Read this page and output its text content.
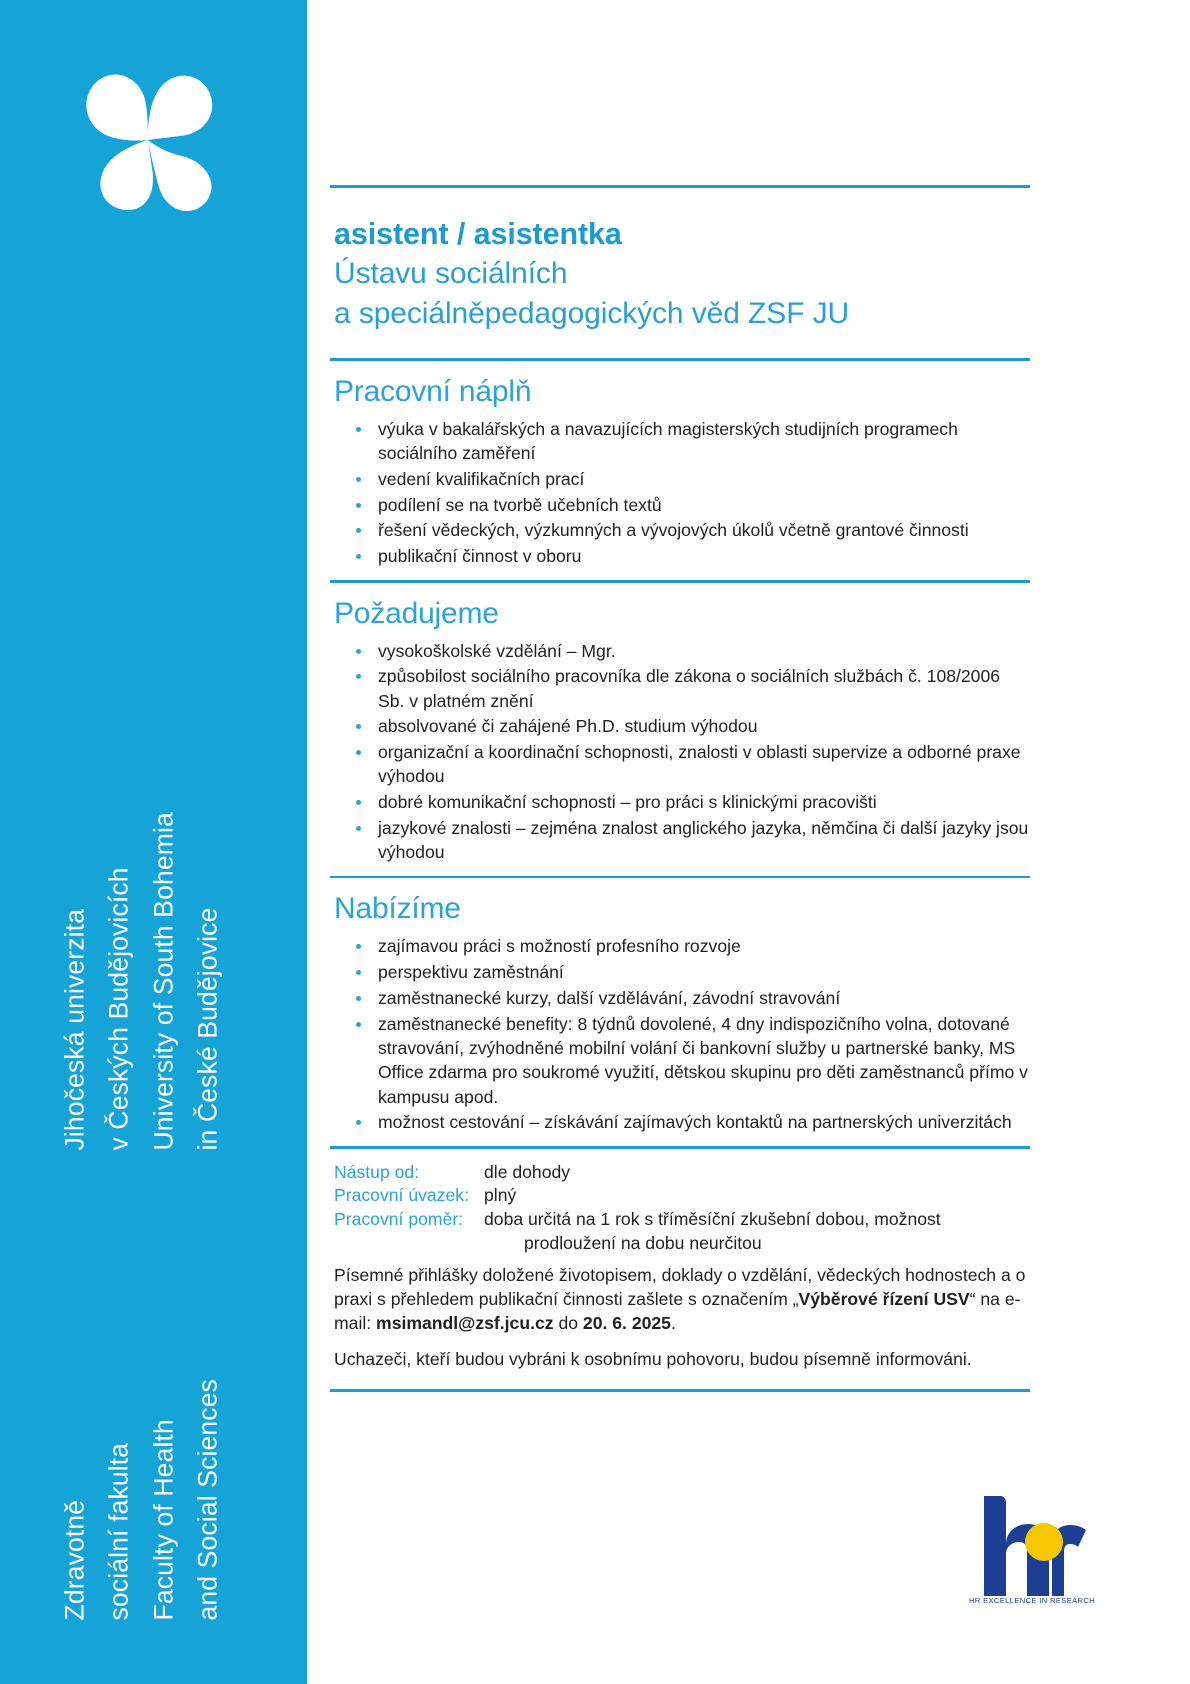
Jihočeská univerzita v Českých Budějovicích University of South Bohemia in České Budějovice
Zdravotně sociální fakulta Faculty of Health and Social Sciences
asistent / asistentka
Ústavu sociálních
a speciálněpedagogických věd ZSF JU
Pracovní náplň
výuka v bakalářských a navazujících magisterských studijních programech sociálního zaměření
vedení kvalifikačních prací
podílení se na tvorbě učebních textů
řešení vědeckých, výzkumných a vývojových úkolů včetně grantové činnosti
publikační činnost v oboru
Požadujeme
vysokoškolské vzdělání – Mgr.
způsobilost sociálního pracovníka dle zákona o sociálních službách č. 108/2006 Sb. v platném znění
absolvované či zahájené Ph.D. studium výhodou
organizační a koordinační schopnosti, znalosti v oblasti supervize a odborné praxe výhodou
dobré komunikační schopnosti – pro práci s klinickými pracovišti
jazykové znalosti – zejména znalost anglického jazyka, němčina či další jazyky jsou výhodou
Nabízíme
zajímavou práci s možností profesního rozvoje
perspektivu zaměstnání
zaměstnanecké kurzy, další vzdělávání, závodní stravování
zaměstnanecké benefity: 8 týdnů dovolené, 4 dny indispozičního volna, dotované stravování, zvýhodněné mobilní volání či bankovní služby u partnerské banky, MS Office zdarma pro soukromé využití, dětskou skupinu pro děti zaměstnanců přímo v kampusu apod.
možnost cestování – získávání zajímavých kontaktů na partnerských univerzitách
Nástup od:	dle dohody
Pracovní úvazek: plný
Pracovní poměr:	doba určitá na 1 rok s tříměsíční zkušební dobou, možnost
prodloužení na dobu neurčitou
Písemné přihlášky doložené životopisem, doklady o vzdělání, vědeckých hodnostech a o praxi s přehledem publikační činnosti zašlete s označením „Výběrové řízení USV“ na e-mail: msimandl@zsf.jcu.cz do 20. 6. 2025.
Uchazeči, kteří budou vybráni k osobnímu pohovoru, budou písemně informováni.
HR EXCELLENCE IN RESEARCH
